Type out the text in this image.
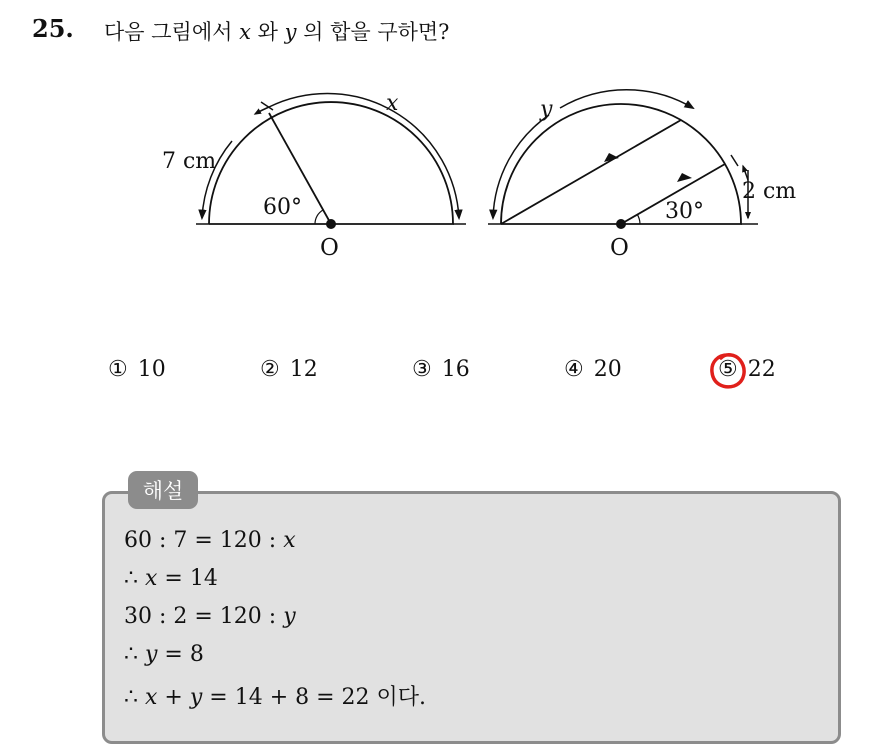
25. 다음 그림에서 x 와 y 의 합을 구하면?
7 cm
60°
x
O
y
30°
2 cm
O
① 10	② 12	③ 16	④ 20	⑤ 22
해설
60 : 7 = 120 : x
∴ x = 14
30 : 2 = 120 : y
∴ y = 8
∴ x + y = 14 + 8 = 22 이다.
